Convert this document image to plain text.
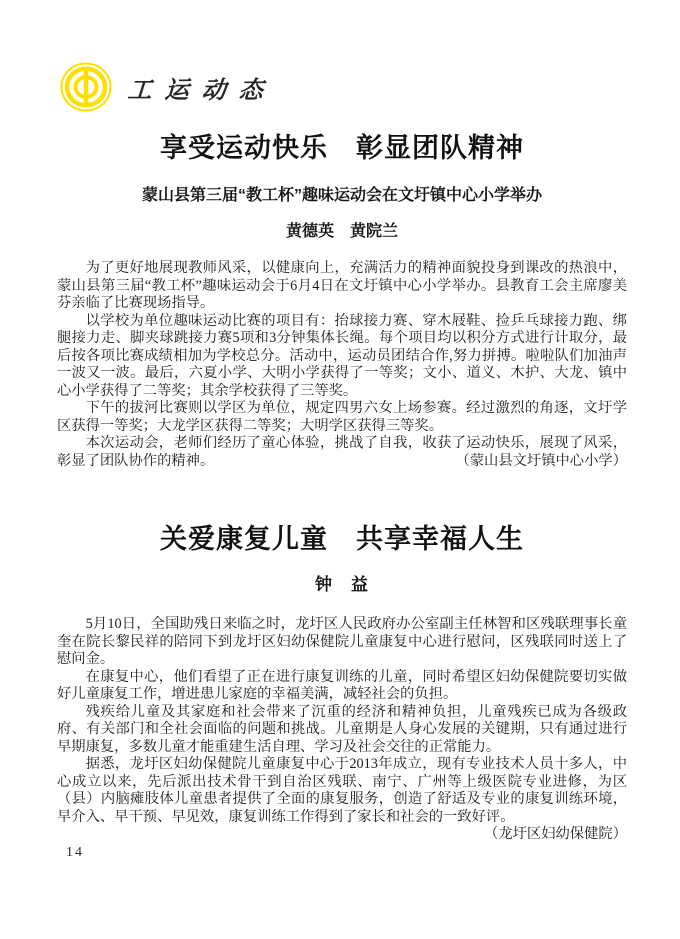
工运动态
享受运动快乐　彰显团队精神
蒙山县第三届“教工杯”趣味运动会在文圩镇中心小学举办
黄德英　黄院兰

为了更好地展现教师风采，以健康向上，充满活力的精神面貌投身到课改的热浪中，蒙山县第三届“教工杯”趣味运动会于6月4日在文圩镇中心小学举办。县教育工会主席廖美芬亲临了比赛现场指导。

以学校为单位趣味运动比赛的项目有：抬球接力赛、穿木屐鞋、捡乒乓球接力跑、绑腿接力走、脚夹球跳接力赛5项和3分钟集体长绳。每个项目均以积分方式进行计取分，最后按各项比赛成绩相加为学校总分。活动中，运动员团结合作,努力拼搏。啦啦队们加油声一波又一波。最后，六夏小学、大明小学获得了一等奖；文小、道义、木护、大龙、镇中心小学获得了二等奖；其余学校获得了三等奖。

下午的拔河比赛则以学区为单位，规定四男六女上场参赛。经过激烈的角逐，文圩学区获得一等奖；大龙学区获得二等奖；大明学区获得三等奖。

本次运动会，老师们经历了童心体验，挑战了自我，收获了运动快乐，展现了风采，彰显了团队协作的精神。	（蒙山县文圩镇中心小学）

关爱康复儿童　共享幸福人生
钟　益

5月10日，全国助残日来临之时，龙圩区人民政府办公室副主任林智和区残联理事长童奎在院长黎民祥的陪同下到龙圩区妇幼保健院儿童康复中心进行慰问，区残联同时送上了慰问金。

在康复中心，他们看望了正在进行康复训练的儿童，同时希望区妇幼保健院要切实做好儿童康复工作，增进患儿家庭的幸福美满，减轻社会的负担。

残疾给儿童及其家庭和社会带来了沉重的经济和精神负担，儿童残疾已成为各级政府、有关部门和全社会面临的问题和挑战。儿童期是人身心发展的关键期，只有通过进行早期康复，多数儿童才能重建生活自理、学习及社会交往的正常能力。

据悉，龙圩区妇幼保健院儿童康复中心于2013年成立，现有专业技术人员十多人，中心成立以来，先后派出技术骨干到自治区残联、南宁、广州等上级医院专业进修，为区（县）内脑瘫肢体儿童患者提供了全面的康复服务，创造了舒适及专业的康复训练环境，早介入、早干预、早见效，康复训练工作得到了家长和社会的一致好评。
（龙圩区妇幼保健院）

14
